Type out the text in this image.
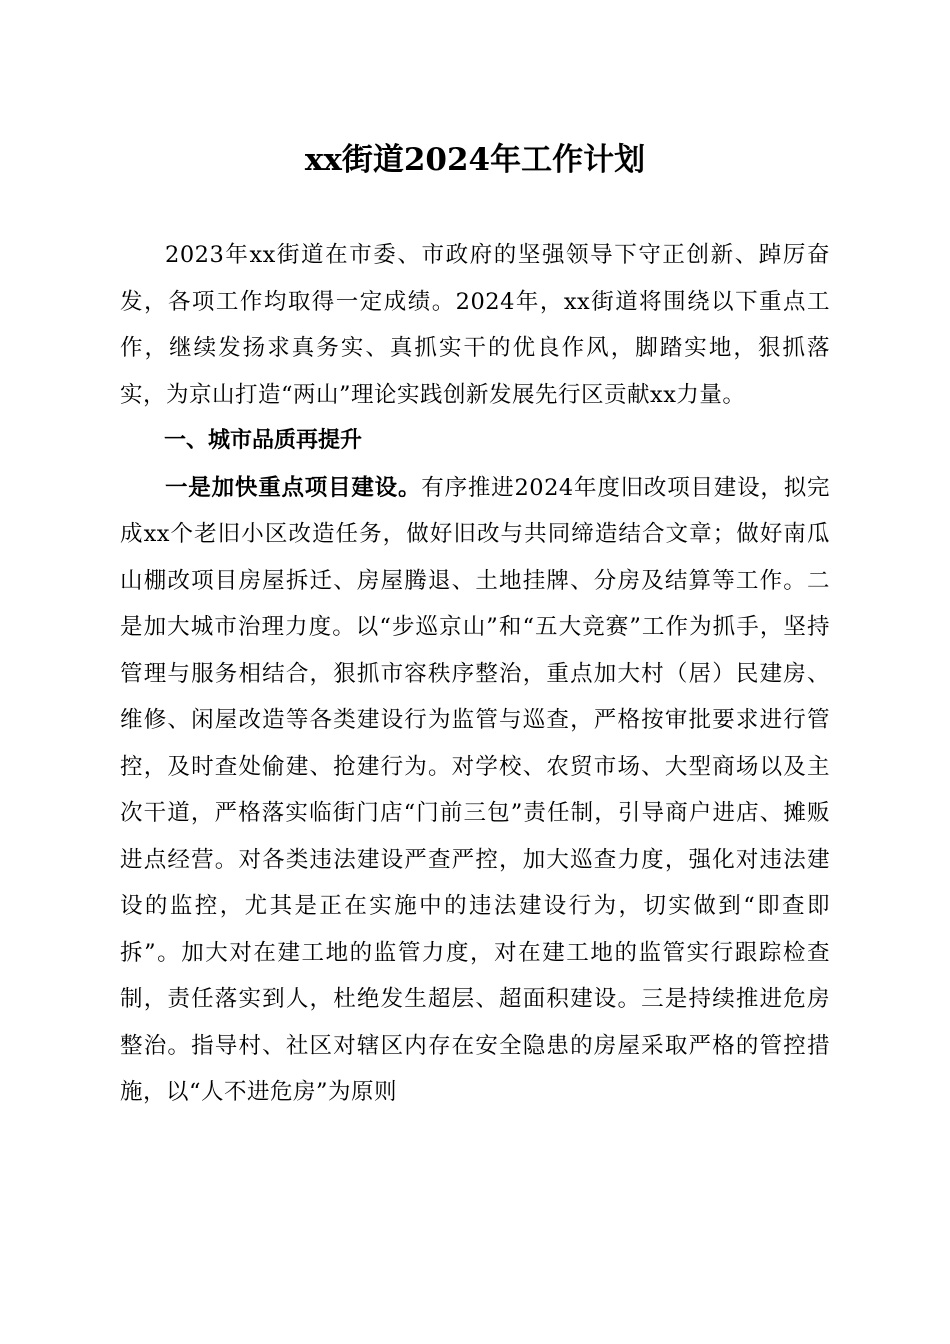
xx街道2024年工作计划

2023年xx街道在市委、市政府的坚强领导下守正创新、踔厉奋发，各项工作均取得一定成绩。2024年，xx街道将围绕以下重点工作，继续发扬求真务实、真抓实干的优良作风，脚踏实地，狠抓落实，为京山打造“两山”理论实践创新发展先行区贡献xx力量。

一、城市品质再提升

一是加快重点项目建设。有序推进2024年度旧改项目建设，拟完成xx个老旧小区改造任务，做好旧改与共同缔造结合文章；做好南瓜山棚改项目房屋拆迁、房屋腾退、土地挂牌、分房及结算等工作。二是加大城市治理力度。以“步巡京山”和“五大竞赛”工作为抓手，坚持管理与服务相结合，狠抓市容秩序整治，重点加大村（居）民建房、维修、闲屋改造等各类建设行为监管与巡查，严格按审批要求进行管控，及时查处偷建、抢建行为。对学校、农贸市场、大型商场以及主次干道，严格落实临街门店“门前三包”责任制，引导商户进店、摊贩进点经营。对各类违法建设严查严控，加大巡查力度，强化对违法建设的监控，尤其是正在实施中的违法建设行为，切实做到“即查即拆”。加大对在建工地的监管力度，对在建工地的监管实行跟踪检查制，责任落实到人，杜绝发生超层、超面积建设。三是持续推进危房整治。指导村、社区对辖区内存在安全隐患的房屋采取严格的管控措施，以“人不进危房”为原则
